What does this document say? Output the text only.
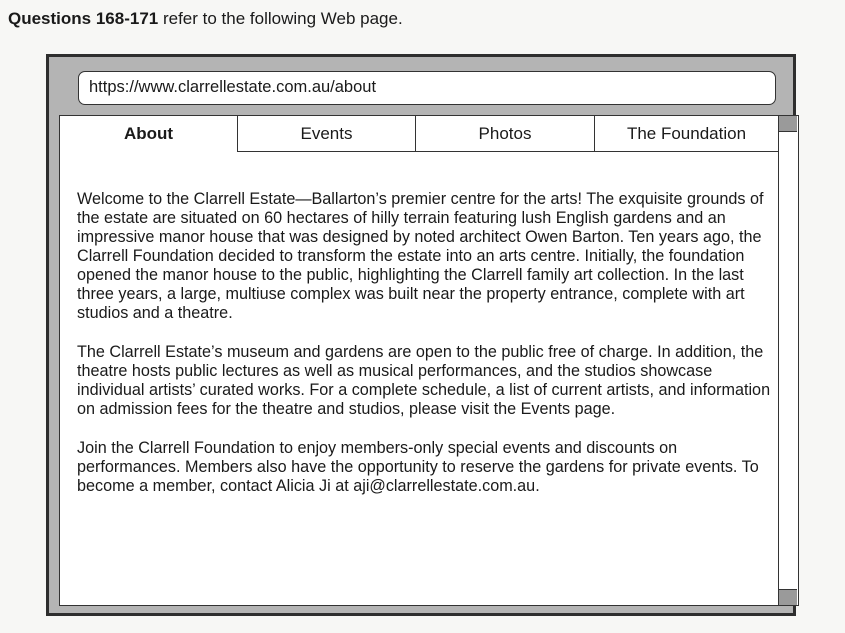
Questions 168-171 refer to the following Web page.
https://www.clarrellestate.com.au/about
About	Events	Photos	The Foundation

Welcome to the Clarrell Estate—Ballarton’s premier centre for the arts! The exquisite grounds of the estate are situated on 60 hectares of hilly terrain featuring lush English gardens and an impressive manor house that was designed by noted architect Owen Barton. Ten years ago, the Clarrell Foundation decided to transform the estate into an arts centre. Initially, the foundation opened the manor house to the public, highlighting the Clarrell family art collection. In the last three years, a large, multiuse complex was built near the property entrance, complete with art studios and a theatre.

The Clarrell Estate’s museum and gardens are open to the public free of charge. In addition, the theatre hosts public lectures as well as musical performances, and the studios showcase individual artists’ curated works. For a complete schedule, a list of current artists, and information on admission fees for the theatre and studios, please visit the Events page.

Join the Clarrell Foundation to enjoy members-only special events and discounts on performances. Members also have the opportunity to reserve the gardens for private events. To become a member, contact Alicia Ji at aji@clarrellestate.com.au.
